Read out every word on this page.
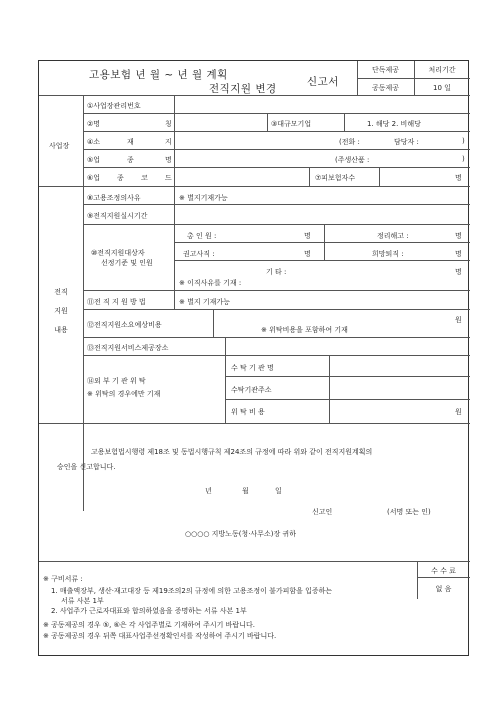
고용보험 년 월 ~ 년 월 계획
전직지원 변경
신고서
단독제공	처리기간
공동제공	10 일
사업장
①사업장관리번호
②명	칭	③대규모기업	1. 해당 2. 비해당
④소	재	지	(전화 :	담당자 :	)
⑤업	종	명	(주생산품 :	)
⑥업 종 코 드	⑦피보험자수	명
전직
지원
내용
⑧고용조정의사유	※ 별지기재가능
⑨전직지원실시기간
⑩전직지원대상자
선정기준 및 인원
총 인 원 :	명	정리해고 :	명
권고사직 :	명	희망퇴직 :	명
기 타 :	명
※ 이직사유를 기재 :
⑪전 직 지 원 방 법	※ 별지 기재가능
⑫전직지원소요예상비용
원
※ 위탁비용을 포함하여 기재
⑬전직지원서비스제공장소
⑭외 부 기 관 위 탁
※ 위탁의 경우에만 기재
수 탁 기 관 명
수탁기관주소
위 탁 비 용	원
고용보험법시행령 제18조 및 동법시행규칙 제24조의 규정에 따라 위와 같이 전직지원계획의
승인을 신고합니다.
년	월	일
신고인	(서명 또는 인)
○○○○ 지방노동(청·사무소)장 귀하
※ 구비서류 :
1. 매출액장부, 생산·재고대장 등 제19조의2의 규정에 의한 고용조정이 불가피함을 입증하는
서류 사본 1부
2. 사업주가 근로자대표와 합의하였음을 증명하는 서류 사본 1부
수 수 료
없 음
※ 공동제공의 경우 ⑤, ⑥은 각 사업주별로 기재하여 주시기 바랍니다.
※ 공동제공의 경우 뒤쪽 대표사업주선정확인서를 작성하여 주시기 바랍니다.
